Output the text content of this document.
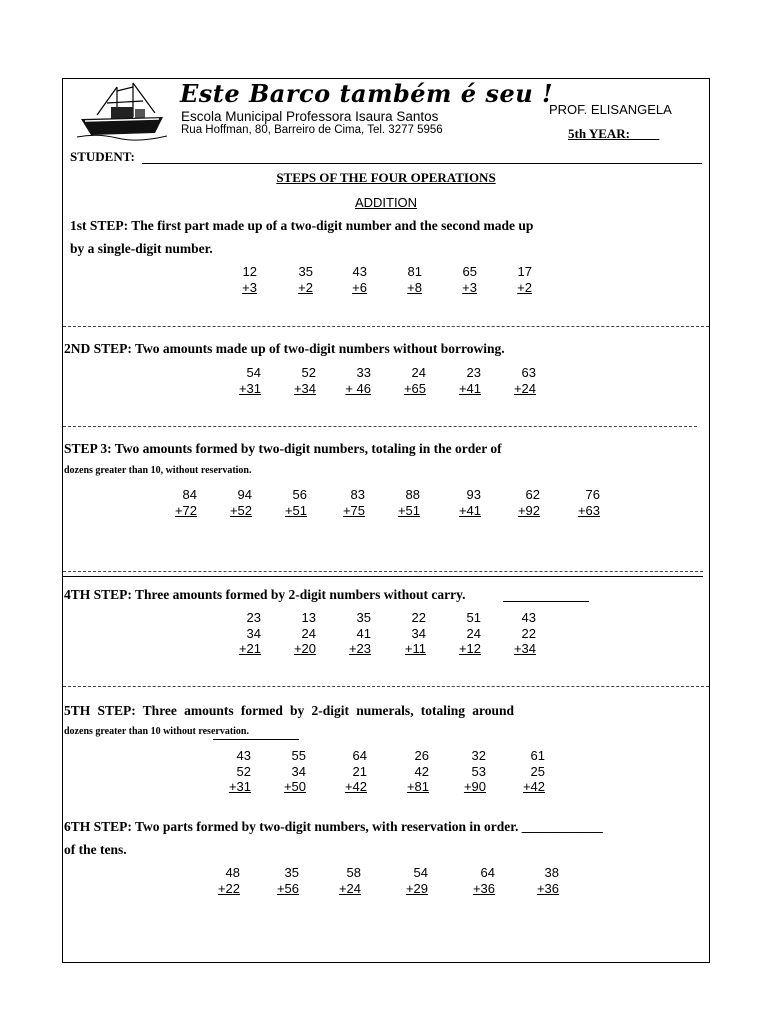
Este Barco também é seu !
Escola Municipal Professora Isaura Santos
Rua Hoffman, 80, Barreiro de Cima, Tel. 3277 5956
PROF. ELISANGELA
5th YEAR: ____
STUDENT:
STEPS OF THE FOUR OPERATIONS
ADDITION
1st STEP: The first part made up of a two-digit number and the second made up
by a single-digit number.
12
+3
35
+2
43
+6
81
+8
65
+3
17
+2
2ND STEP: Two amounts made up of two-digit numbers without borrowing.
54
+31
52
+34
33
+ 46
24
+65
23
+41
63
+24
STEP 3: Two amounts formed by two-digit numbers, totaling in the order of
dozens greater than 10, without reservation.
84
+72
94
+52
56
+51
83
+75
88
+51
93
+41
62
+92
76
+63
4TH STEP: Three amounts formed by 2-digit numbers without carry.
23
34
+21
13
24
+20
35
41
+23
22
34
+11
51
24
+12
43
22
+34
5TH STEP: Three amounts formed by 2-digit numerals, totaling around
dozens greater than 10 without reservation.
43
52
+31
55
34
+50
64
21
+42
26
42
+81
32
53
+90
61
25
+42
6TH STEP: Two parts formed by two-digit numbers, with reservation in order. ____________
of the tens.
48
+22
35
+56
58
+24
54
+29
64
+36
38
+36
